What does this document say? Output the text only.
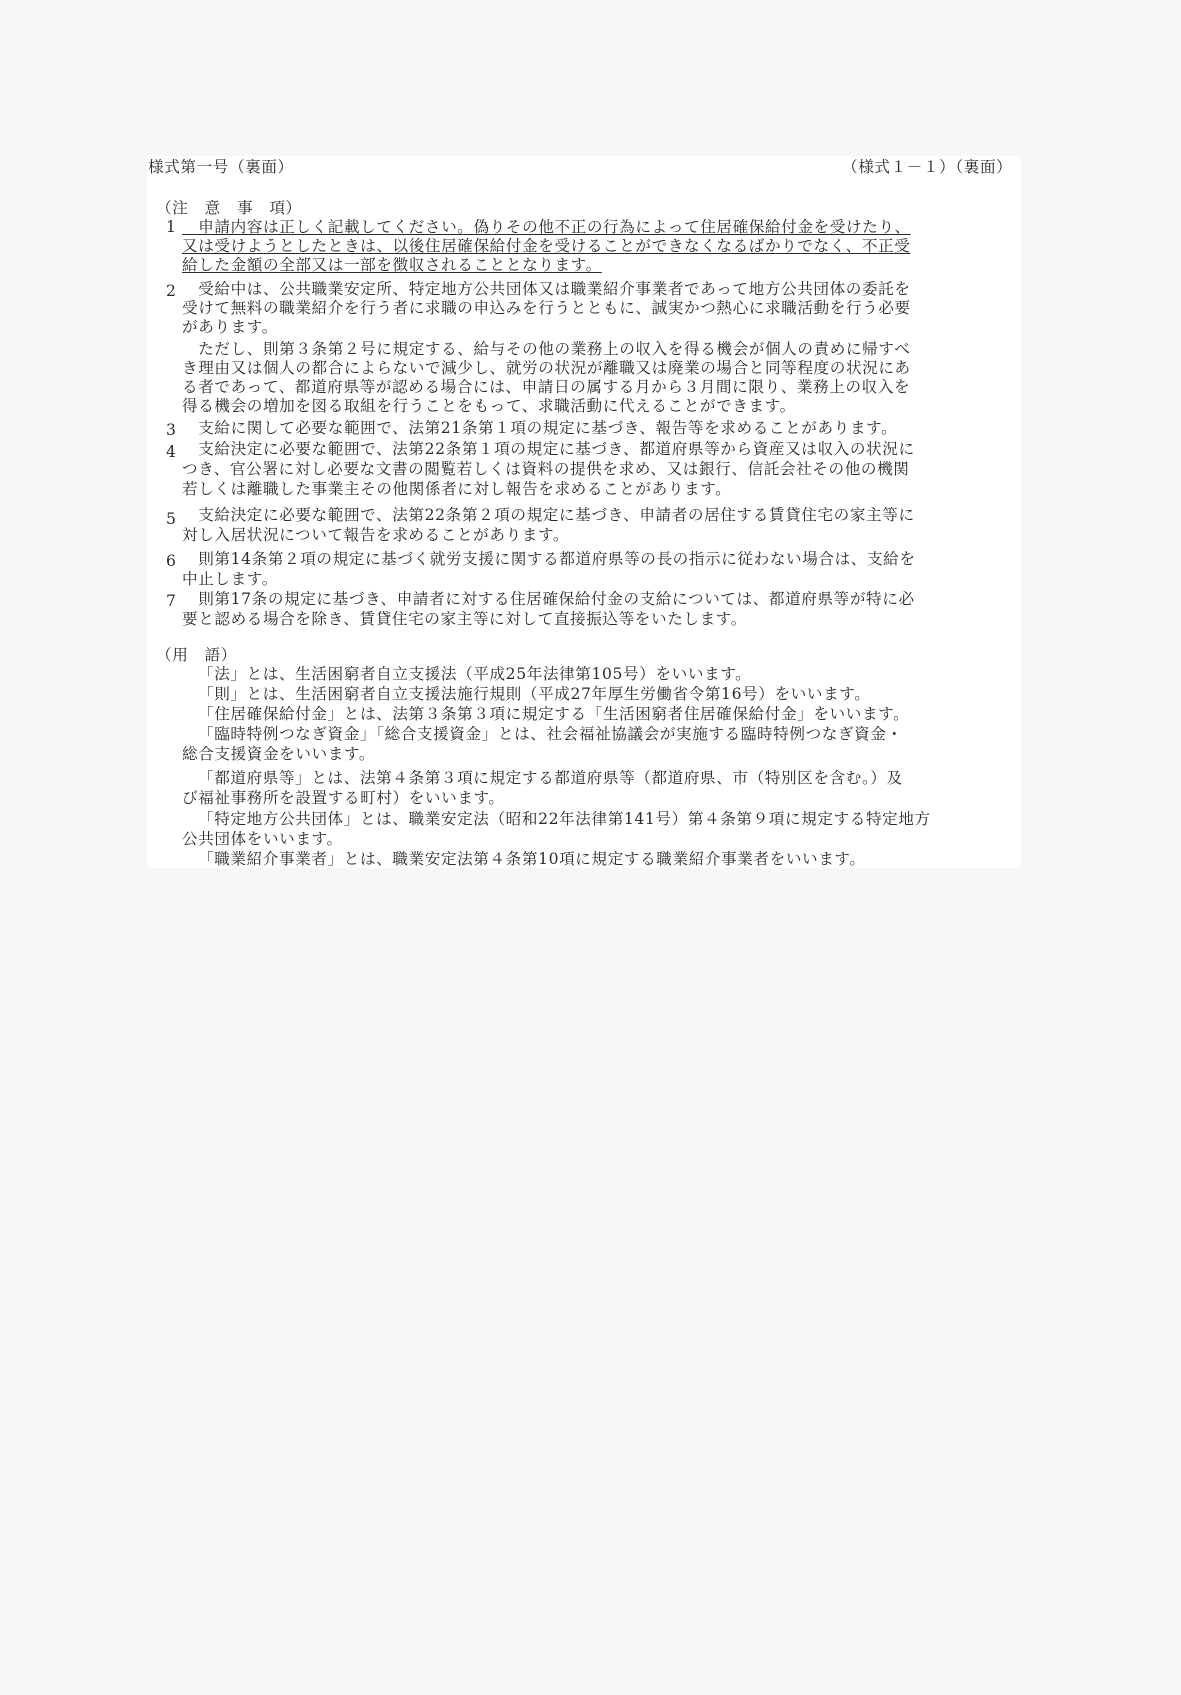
様式第一号（裏面）	（様式１－１）（裏面）
（注　意　事　項）
1 　申請内容は正しく記載してください。偽りその他不正の行為によって住居確保給付金を受けたり、
又は受けようとしたときは、以後住居確保給付金を受けることができなくなるばかりでなく、不正受
給した金額の全部又は一部を徴収されることとなります。
2 　受給中は、公共職業安定所、特定地方公共団体又は職業紹介事業者であって地方公共団体の委託を
受けて無料の職業紹介を行う者に求職の申込みを行うとともに、誠実かつ熱心に求職活動を行う必要
があります。
　ただし、則第３条第２号に規定する、給与その他の業務上の収入を得る機会が個人の責めに帰すべ
き理由又は個人の都合によらないで減少し、就労の状況が離職又は廃業の場合と同等程度の状況にあ
る者であって、都道府県等が認める場合には、申請日の属する月から３月間に限り、業務上の収入を
得る機会の増加を図る取組を行うことをもって、求職活動に代えることができます。
3 　支給に関して必要な範囲で、法第21条第１項の規定に基づき、報告等を求めることがあります。
4 　支給決定に必要な範囲で、法第22条第１項の規定に基づき、都道府県等から資産又は収入の状況に
つき、官公署に対し必要な文書の閲覧若しくは資料の提供を求め、又は銀行、信託会社その他の機関
若しくは離職した事業主その他関係者に対し報告を求めることがあります。
5 　支給決定に必要な範囲で、法第22条第２項の規定に基づき、申請者の居住する賃貸住宅の家主等に
対し入居状況について報告を求めることがあります。
6 　則第14条第２項の規定に基づく就労支援に関する都道府県等の長の指示に従わない場合は、支給を
中止します。
7 　則第17条の規定に基づき、申請者に対する住居確保給付金の支給については、都道府県等が特に必
要と認める場合を除き、賃貸住宅の家主等に対して直接振込等をいたします。
（用　語）
「法」とは、生活困窮者自立支援法（平成25年法律第105号）をいいます。
「則」とは、生活困窮者自立支援法施行規則（平成27年厚生労働省令第16号）をいいます。
「住居確保給付金」とは、法第３条第３項に規定する「生活困窮者住居確保給付金」をいいます。
「臨時特例つなぎ資金」「総合支援資金」とは、社会福祉協議会が実施する臨時特例つなぎ資金・
総合支援資金をいいます。
「都道府県等」とは、法第４条第３項に規定する都道府県等（都道府県、市（特別区を含む。）及
び福祉事務所を設置する町村）をいいます。
「特定地方公共団体」とは、職業安定法（昭和22年法律第141号）第４条第９項に規定する特定地方
公共団体をいいます。
「職業紹介事業者」とは、職業安定法第４条第10項に規定する職業紹介事業者をいいます。
